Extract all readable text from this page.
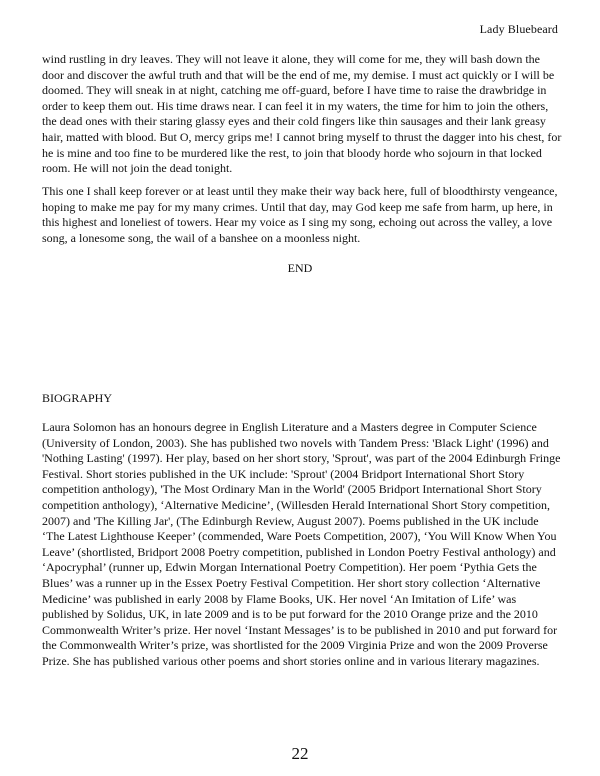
Lady Bluebeard

wind rustling in dry leaves. They will not leave it alone, they will come for me, they will bash down the door and discover the awful truth and that will be the end of me, my demise. I must act quickly or I will be doomed. They will sneak in at night, catching me off-guard, before I have time to raise the drawbridge in order to keep them out. His time draws near. I can feel it in my waters, the time for him to join the others, the dead ones with their staring glassy eyes and their cold fingers like thin sausages and their lank greasy hair, matted with blood. But O, mercy grips me! I cannot bring myself to thrust the dagger into his chest, for he is mine and too fine to be murdered like the rest, to join that bloody horde who sojourn in that locked room. He will not join the dead tonight.

This one I shall keep forever or at least until they make their way back here, full of bloodthirsty vengeance, hoping to make me pay for my many crimes. Until that day, may God keep me safe from harm, up here, in this highest and loneliest of towers. Hear my voice as I sing my song, echoing out across the valley, a love song, a lonesome song, the wail of a banshee on a moonless night.

END
BIOGRAPHY

Laura Solomon has an honours degree in English Literature and a Masters degree in Computer Science (University of London, 2003). She has published two novels with Tandem Press: 'Black Light' (1996) and 'Nothing Lasting' (1997). Her play, based on her short story, 'Sprout', was part of the 2004 Edinburgh Fringe Festival. Short stories published in the UK include: 'Sprout' (2004 Bridport International Short Story competition anthology), 'The Most Ordinary Man in the World' (2005 Bridport International Short Story competition anthology), ‘Alternative Medicine’, (Willesden Herald International Short Story competition, 2007) and 'The Killing Jar', (The Edinburgh Review, August 2007). Poems published in the UK include ‘The Latest Lighthouse Keeper’ (commended, Ware Poets Competition, 2007), ‘You Will Know When You Leave’ (shortlisted, Bridport 2008 Poetry competition, published in London Poetry Festival anthology) and ‘Apocryphal’ (runner up, Edwin Morgan International Poetry Competition). Her poem ‘Pythia Gets the Blues’ was a runner up in the Essex Poetry Festival Competition. Her short story collection ‘Alternative Medicine’ was published in early 2008 by Flame Books, UK. Her novel ‘An Imitation of Life’ was published by Solidus, UK, in late 2009 and is to be put forward for the 2010 Orange prize and the 2010 Commonwealth Writer’s prize. Her novel ‘Instant Messages’ is to be published in 2010 and put forward for the Commonwealth Writer’s prize, was shortlisted for the 2009 Virginia Prize and won the 2009 Proverse Prize. She has published various other poems and short stories online and in various literary magazines.

22
